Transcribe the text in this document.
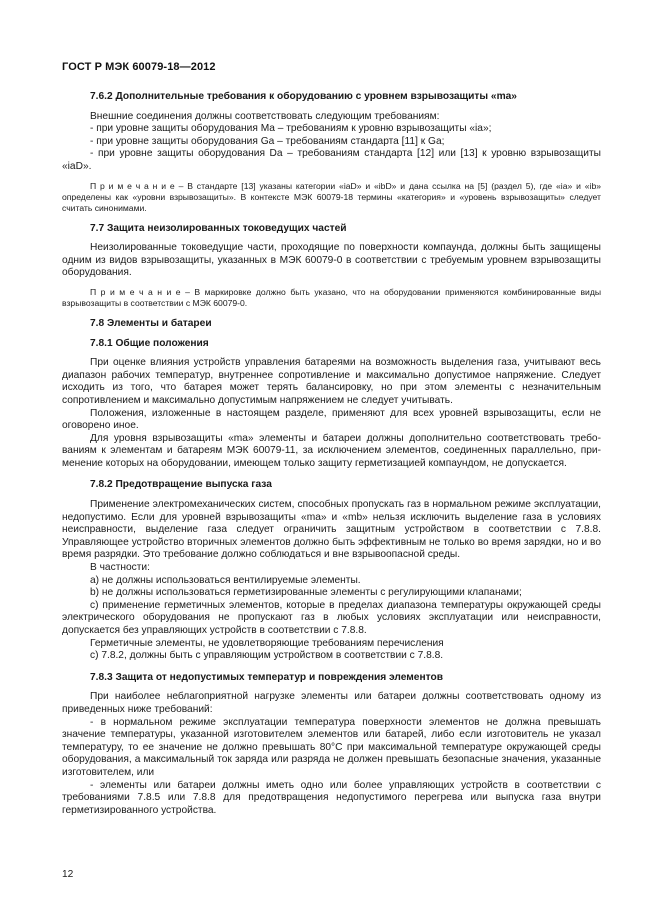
ГОСТ Р МЭК 60079-18—2012
7.6.2 Дополнительные требования к оборудованию с уровнем взрывозащиты «ma»
Внешние соединения должны соответствовать следующим требованиям:
- при уровне защиты оборудования Ma – требованиям к уровню взрывозащиты «ia»;
- при уровне защиты оборудования Ga – требованиям стандарта [11] к Ga;
- при уровне защиты оборудования Da – требованиям стандарта [12] или [13] к уровню взрывозащиты «iaD».
П р и м е ч а н и е – В стандарте [13] указаны категории «iaD» и «ibD» и дана ссылка на [5] (раздел 5), где «ia» и «ib» определены как «уровни взрывозащиты». В контексте МЭК 60079-18 термины «категория» и «уровень взрывозащиты» следует считать синонимами.
7.7 Защита неизолированных токоведущих частей
Неизолированные токоведущие части, проходящие по поверхности компаунда, должны быть защищены одним из видов взрывозащиты, указанных в МЭК 60079-0 в соответствии с требуемым уровнем взрывозащиты оборудования.
П р и м е ч а н и е – В маркировке должно быть указано, что на оборудовании применяются комбинированные виды взрывозащиты в соответствии с МЭК 60079-0.
7.8 Элементы и батареи
7.8.1 Общие положения
При оценке влияния устройств управления батареями на возможность выделения газа, учитывают весь диапазон рабочих температур, внутреннее сопротивление и максимально допустимое напряжение. Следует исходить из того, что батарея может терять балансировку, но при этом элементы с незначительным сопротивлением и максимально допустимым напряжением не следует учитывать.
Положения, изложенные в настоящем разделе, применяют для всех уровней взрывозащиты, если не оговорено иное.
Для уровня взрывозащиты «ma» элементы и батареи должны дополнительно соответствовать требованиям к элементам и батареям МЭК 60079-11, за исключением элементов, соединенных параллельно, применение которых на оборудовании, имеющем только защиту герметизацией компаундом, не допускается.
7.8.2 Предотвращение выпуска газа
Применение электромеханических систем, способных пропускать газ в нормальном режиме эксплуатации, недопустимо. Если для уровней взрывозащиты «ma» и «mb» нельзя исключить выделение газа в условиях неисправности, выделение газа следует ограничить защитным устройством в соответствии с 7.8.8. Управляющее устройство вторичных элементов должно быть эффективным не только во время зарядки, но и во время разрядки. Это требование должно соблюдаться и вне взрывоопасной среды.
В частности:
а) не должны использоваться вентилируемые элементы.
b) не должны использоваться герметизированные элементы с регулирующими клапанами;
с) применение герметичных элементов, которые в пределах диапазона температуры окружающей среды электрического оборудования не пропускают газ в любых условиях эксплуатации или неисправности, допускается без управляющих устройств в соответствии с 7.8.8.
Герметичные элементы, не удовлетворяющие требованиям перечисления
с) 7.8.2, должны быть с управляющим устройством в соответствии с 7.8.8.
7.8.3 Защита от недопустимых температур и повреждения элементов
При наиболее неблагоприятной нагрузке элементы или батареи должны соответствовать одному из приведенных ниже требований:
- в нормальном режиме эксплуатации температура поверхности элементов не должна превышать значение температуры, указанной изготовителем элементов или батарей, либо если изготовитель не указал температуру, то ее значение не должно превышать 80°С при максимальной температуре окружающей среды оборудования, а максимальный ток заряда или разряда не должен превышать безопасные значения, указанные изготовителем, или
- элементы или батареи должны иметь одно или более управляющих устройств в соответствии с требованиями 7.8.5 или 7.8.8 для предотвращения недопустимого перегрева или выпуска газа внутри герметизированного устройства.
12
